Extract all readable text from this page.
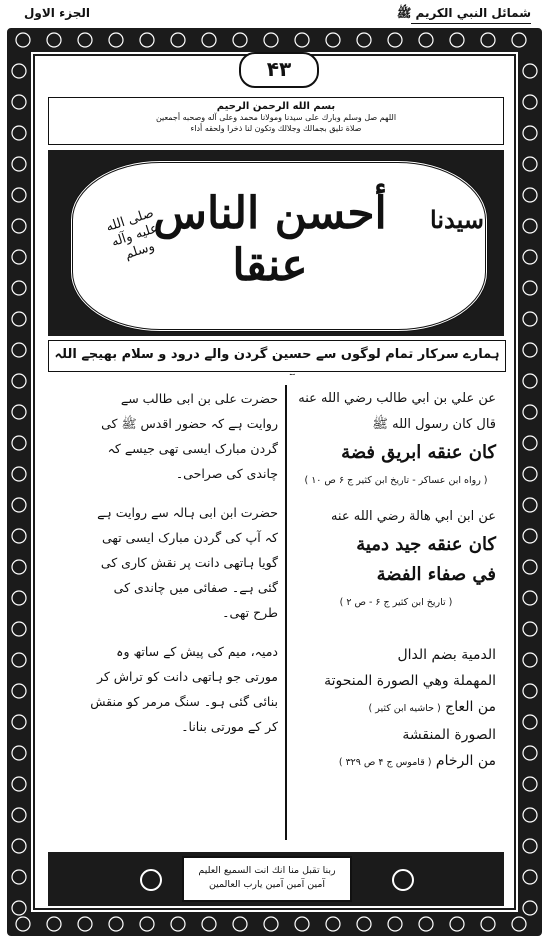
الجزء الاول	شمائل النبي الكريم ﷺ
۴۳
بسم الله الرحمن الرحيم
اللهم صل وسلم وبارك على سيدنا ومولانا محمد وعلى آله وصحبه أجمعين
صلاة تليق بجمالك وجلالك وتكون لنا ذخرا ولحقه أداء
أحسن الناس عنقا
سيدنا
صلى الله عليه وآله وسلم
ہمارے سرکار تمام لوگوں سے حسین گردن والے درود و سلام بھیجے اللہ

حضرت علی بن ابی طالب سے روایت ہے کہ حضور اقدس ﷺ کی گردن مبارک ایسی تھی جیسے کہ چاندی کی صراحی۔

حضرت ابن ابی ہالہ سے روایت ہے کہ آپ کی گردن مبارک ایسی تھی گویا ہاتھی دانت پر نقش کاری کی گئی ہے۔ صفائی میں چاندی کی طرح تھی۔

دمیہ، میم کی پیش کے ساتھ وہ مورتی جو ہاتھی دانت کو تراش کر بنائی گئی ہو۔ سنگ مرمر کو منقش کر کے مورتی بنانا۔

عن علي بن ابي طالب رضي الله عنه

قال كان رسول الله ﷺ

كان عنقه ابريق فضة

( رواه ابن عساكر - تاريخ ابن كثير ج ۶ ص ۱۰ )

عن ابن ابي هالة رضي الله عنه

كان عنقه جيد دمية

في صفاء الفضة

( تاريخ ابن كثير ج ۶ - ص ۲ )

الدمية بضم الدال

المهملة وهي الصورة المنحوتة

من العاج ( حاشيه ابن كثير )

الصورة المنقشة

من الرخام ( قاموس ج ۴ ص ۳۲۹ )

ربنا تقبل منا انك انت السميع العليم
آمين آمين آمين يارب العالمين
